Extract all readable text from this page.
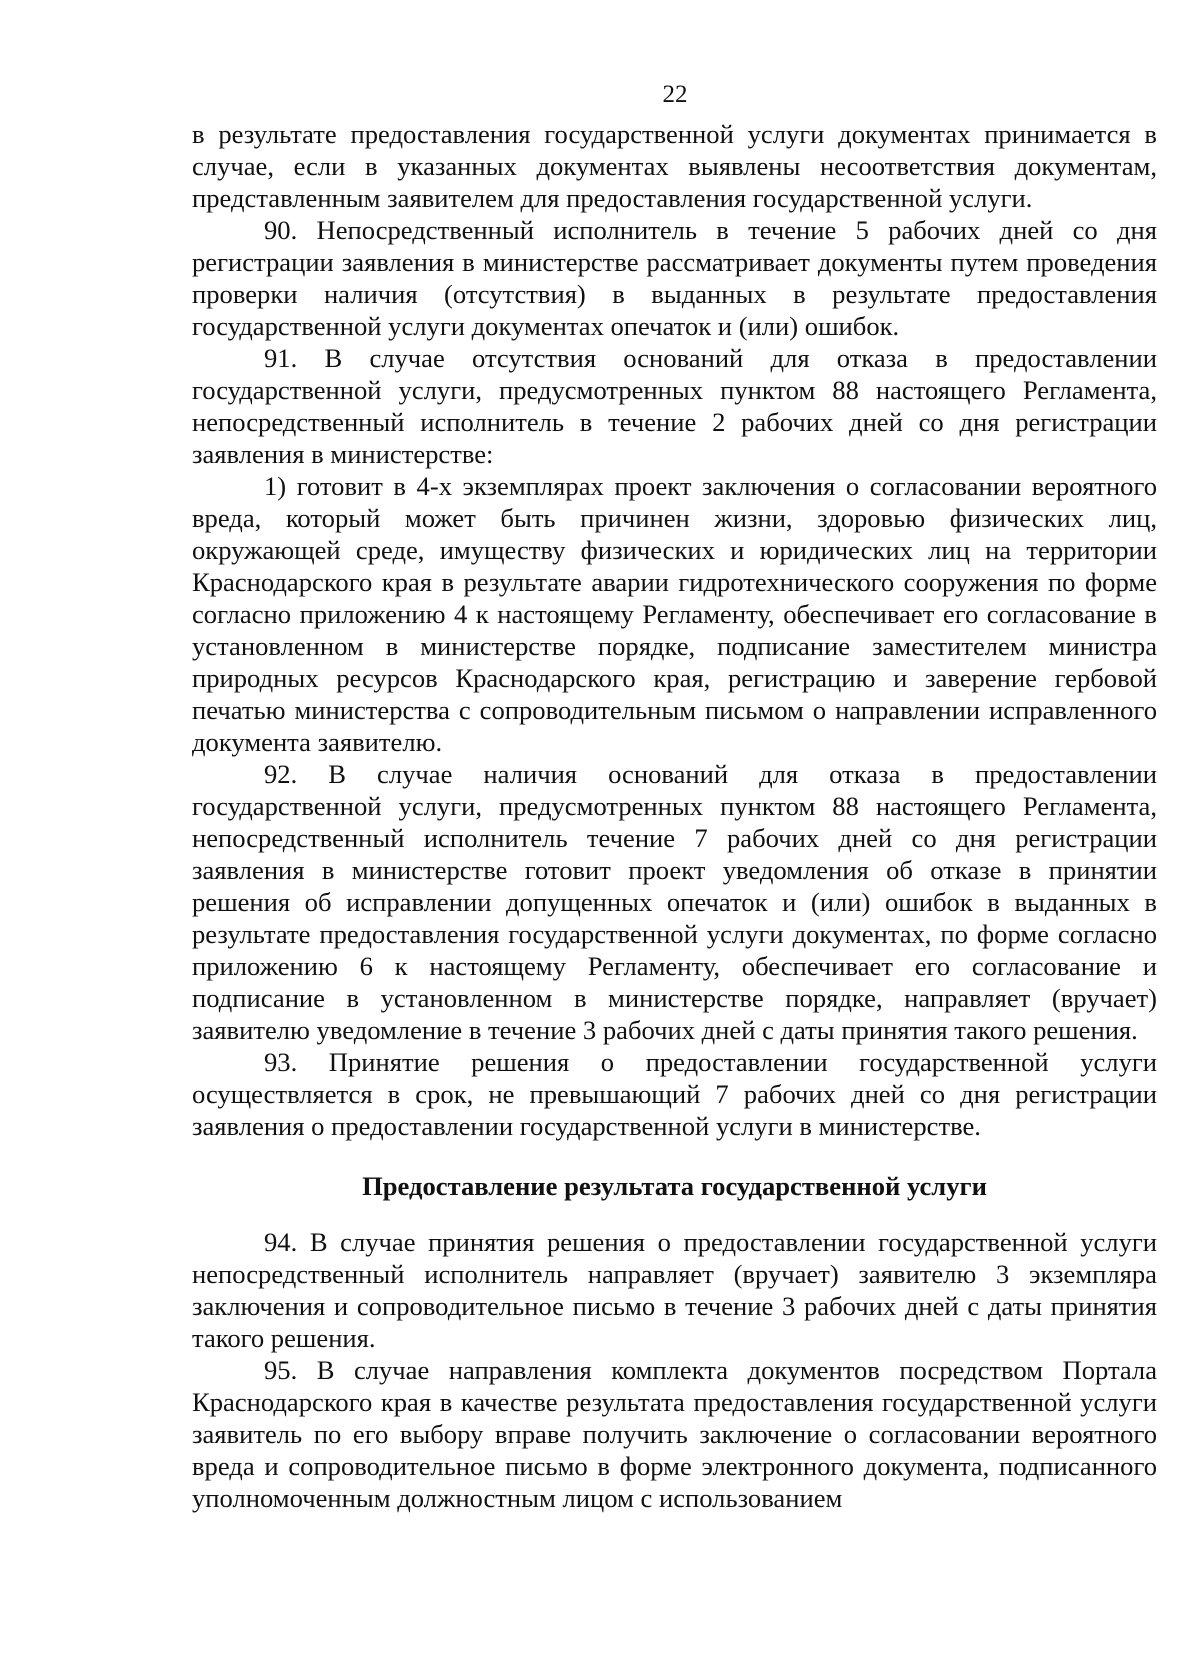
22

в результате предоставления государственной услуги документах принимается в случае, если в указанных документах выявлены несоответствия документам, представленным заявителем для предоставления государственной услуги.

90. Непосредственный исполнитель в течение 5 рабочих дней со дня регистрации заявления в министерстве рассматривает документы путем проведения проверки наличия (отсутствия) в выданных в результате предоставления государственной услуги документах опечаток и (или) ошибок.

91. В случае отсутствия оснований для отказа в предоставлении государственной услуги, предусмотренных пунктом 88 настоящего Регламента, непосредственный исполнитель в течение 2 рабочих дней со дня регистрации заявления в министерстве:

1) готовит в 4-х экземплярах проект заключения о согласовании вероятного вреда, который может быть причинен жизни, здоровью физических лиц, окружающей среде, имуществу физических и юридических лиц на территории Краснодарского края в результате аварии гидротехнического сооружения по форме согласно приложению 4 к настоящему Регламенту, обеспечивает его согласование в установленном в министерстве порядке, подписание заместителем министра природных ресурсов Краснодарского края, регистрацию и заверение гербовой печатью министерства с сопроводительным письмом о направлении исправленного документа заявителю.

92. В случае наличия оснований для отказа в предоставлении государственной услуги, предусмотренных пунктом 88 настоящего Регламента, непосредственный исполнитель течение 7 рабочих дней со дня регистрации заявления в министерстве готовит проект уведомления об отказе в принятии решения об исправлении допущенных опечаток и (или) ошибок в выданных в результате предоставления государственной услуги документах, по форме согласно приложению 6 к настоящему Регламенту, обеспечивает его согласование и подписание в установленном в министерстве порядке, направляет (вручает) заявителю уведомление в течение 3 рабочих дней с даты принятия такого решения.

93. Принятие решения о предоставлении государственной услуги осуществляется в срок, не превышающий 7 рабочих дней со дня регистрации заявления о предоставлении государственной услуги в министерстве.

Предоставление результата государственной услуги

94. В случае принятия решения о предоставлении государственной услуги непосредственный исполнитель направляет (вручает) заявителю 3 экземпляра заключения и сопроводительное письмо в течение 3 рабочих дней с даты принятия такого решения.

95. В случае направления комплекта документов посредством Портала Краснодарского края в качестве результата предоставления государственной услуги заявитель по его выбору вправе получить заключение о согласовании вероятного вреда и сопроводительное письмо в форме электронного документа, подписанного уполномоченным должностным лицом с использованием
